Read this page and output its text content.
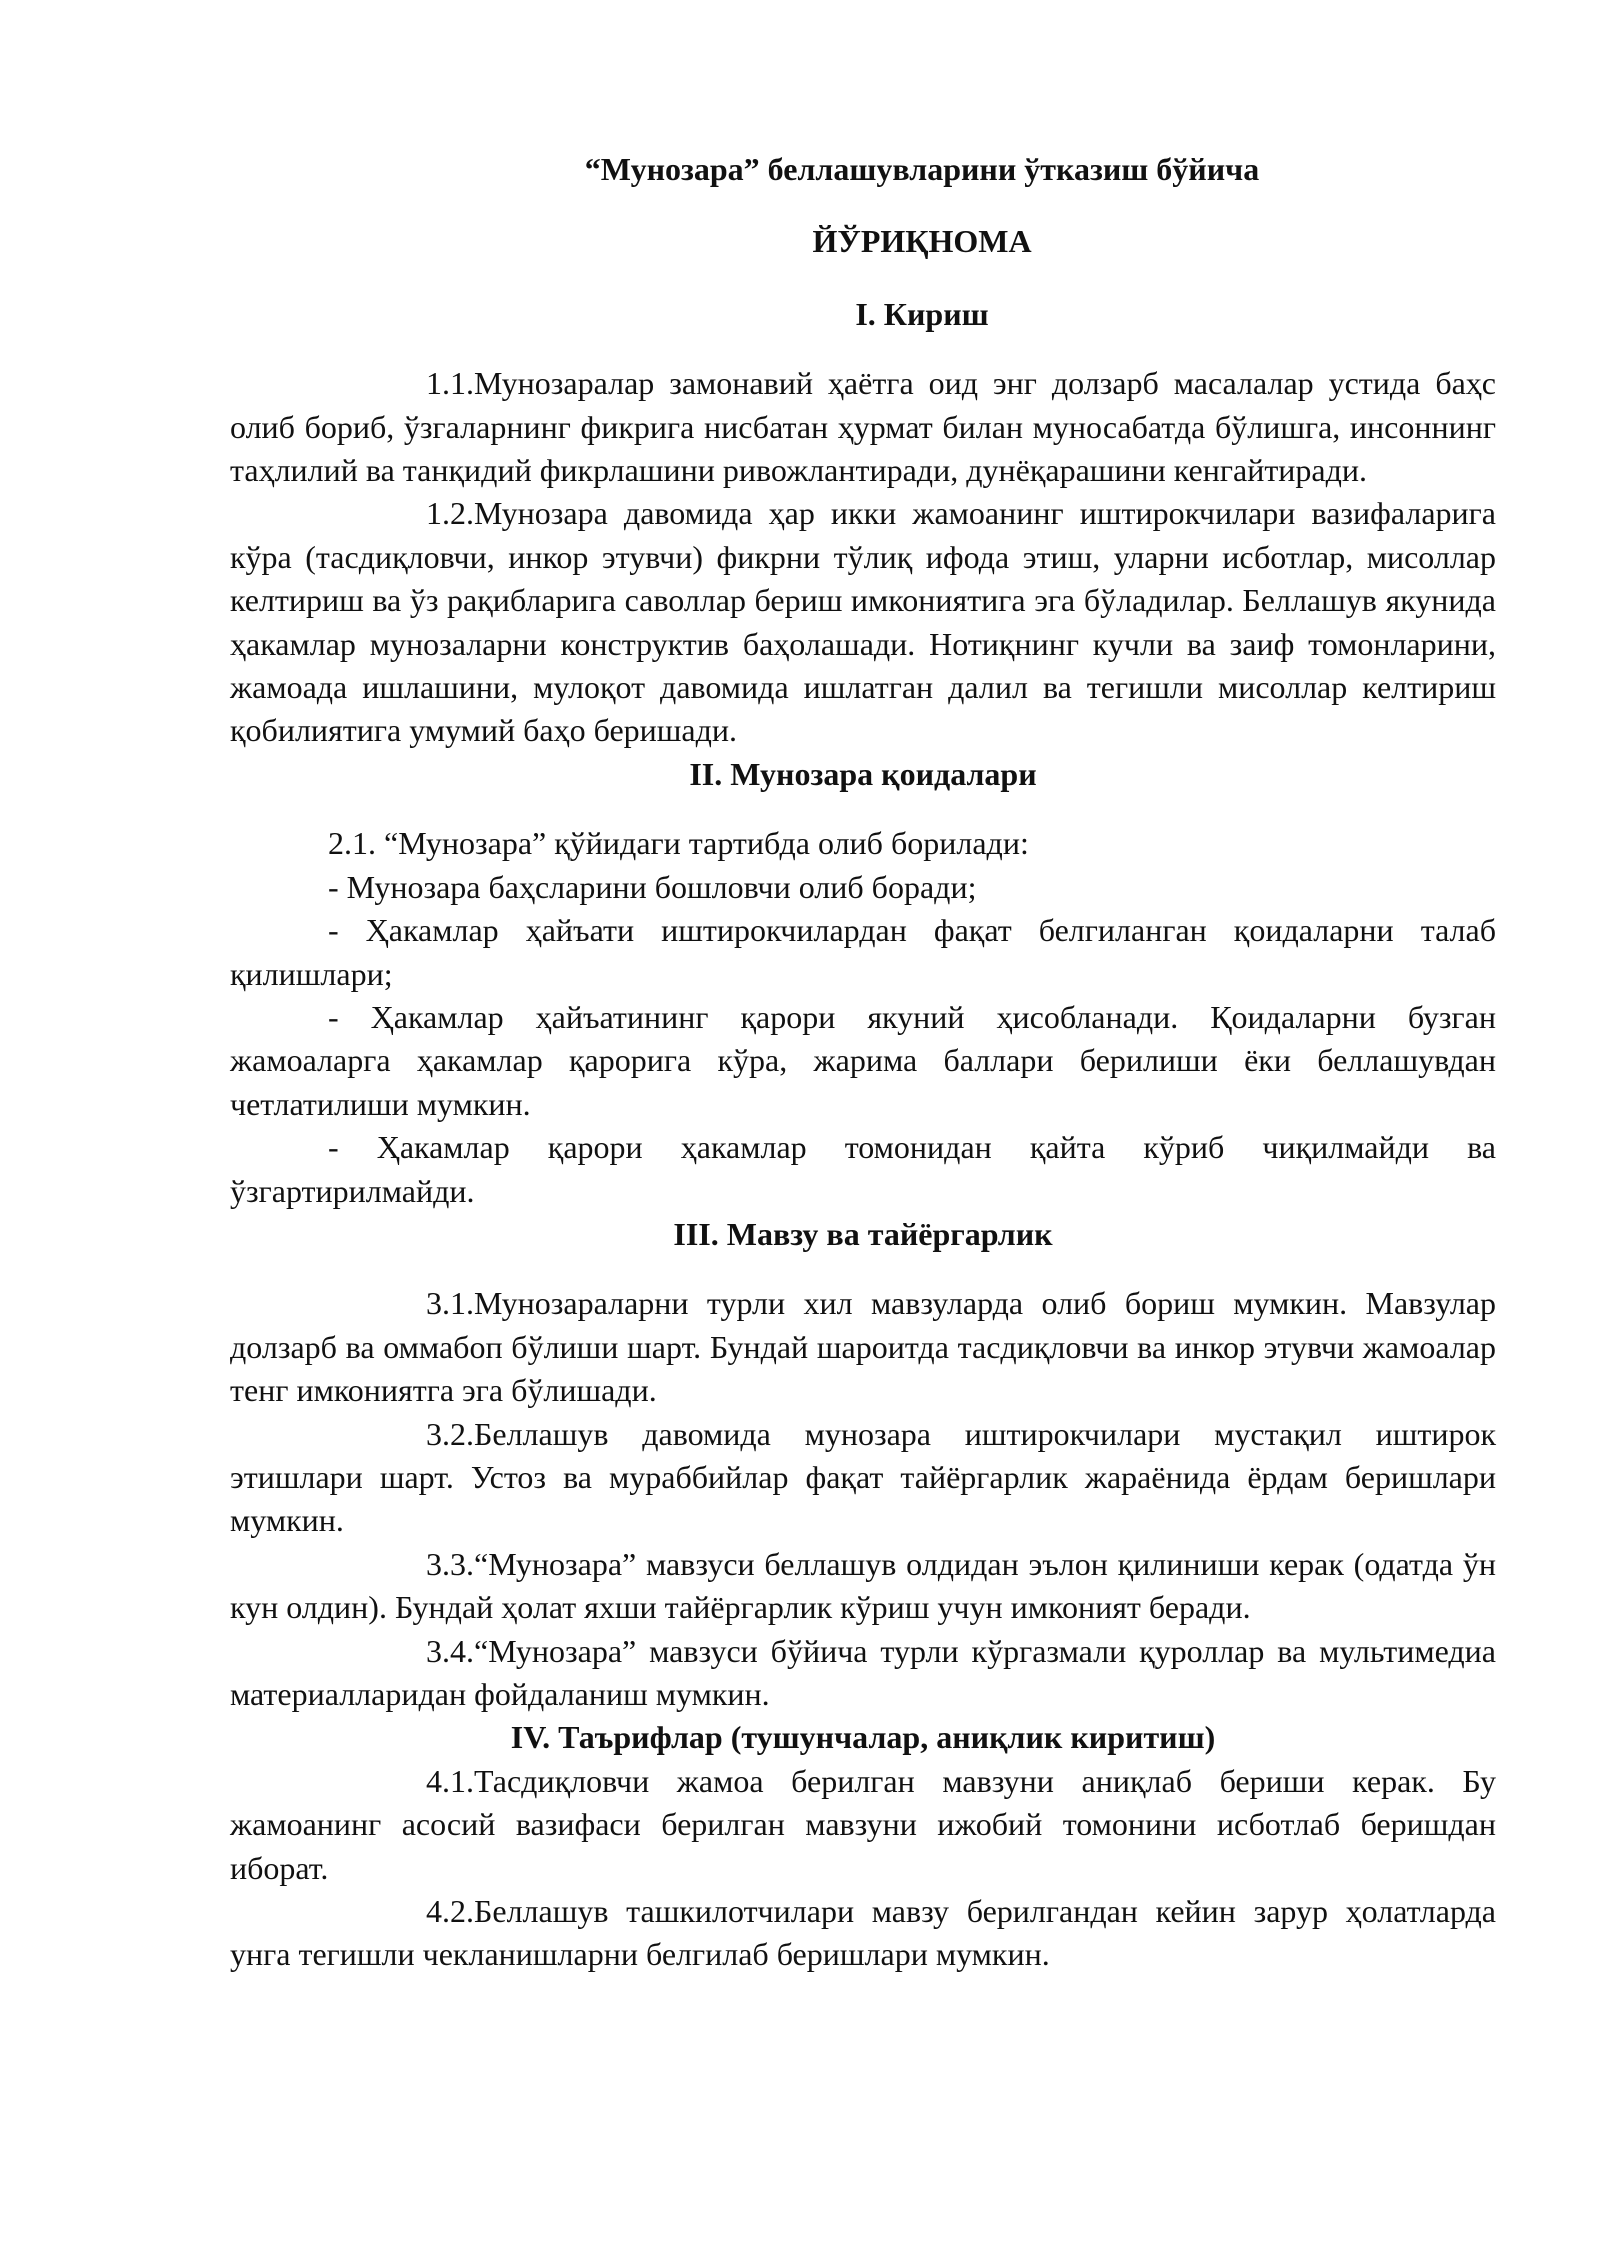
“Мунозара” беллашувларини ўтказиш бўйича

ЙЎРИҚНОМА

I. Кириш

1.1.Мунозаралар замонавий ҳаётга оид энг долзарб масалалар устида баҳс олиб бориб, ўзгаларнинг фикрига нисбатан ҳурмат билан муносабатда бўлишга, инсоннинг таҳлилий ва танқидий фикрлашини ривожлантиради, дунёқарашини кенгайтиради.

1.2.Мунозара давомида ҳар икки жамоанинг иштирокчилари вазифаларига кўра (тасдиқловчи, инкор этувчи) фикрни тўлиқ ифода этиш, уларни исботлар, мисоллар келтириш ва ўз рақибларига саволлар бериш имкониятига эга бўладилар. Беллашув якунида ҳакамлар мунозаларни конструктив баҳолашади. Нотиқнинг кучли ва заиф томонларини, жамоада ишлашини, мулоқот давомида ишлатган далил ва тегишли мисоллар келтириш қобилиятига умумий баҳо беришади.

II. Мунозара қоидалари

2.1. “Мунозара” қўйидаги тартибда олиб борилади:

- Мунозара баҳсларини бошловчи олиб боради;

- Ҳакамлар ҳайъати иштирокчилардан фақат белгиланган қоидаларни талаб қилишлари;

- Ҳакамлар ҳайъатининг қарори якуний ҳисобланади. Қоидаларни бузган жамоаларга ҳакамлар қарорига кўра, жарима баллари берилиши ёки беллашувдан четлатилиши мумкин.

- Ҳакамлар қарори ҳакамлар томонидан қайта кўриб чиқилмайди ва ўзгартирилмайди.

III. Мавзу ва тайёргарлик

3.1.Мунозараларни турли хил мавзуларда олиб бориш мумкин. Мавзулар долзарб ва оммабоп бўлиши шарт. Бундай шароитда тасдиқловчи ва инкор этувчи жамоалар тенг имкониятга эга бўлишади.

3.2.Беллашув давомида мунозара иштирокчилари мустақил иштирок этишлари шарт. Устоз ва мураббийлар фақат тайёргарлик жараёнида ёрдам беришлари мумкин.

3.3.“Мунозара” мавзуси беллашув олдидан эълон қилиниши керак (одатда ўн кун олдин). Бундай ҳолат яхши тайёргарлик кўриш учун имконият беради.

3.4.“Мунозара” мавзуси бўйича турли кўргазмали қуроллар ва мультимедиа материалларидан фойдаланиш мумкин.

IV. Таърифлар (тушунчалар, аниқлик киритиш)

4.1.Тасдиқловчи жамоа берилган мавзуни аниқлаб бериши керак. Бу жамоанинг асосий вазифаси берилган мавзуни ижобий томонини исботлаб беришдан иборат.

4.2.Беллашув ташкилотчилари мавзу берилгандан кейин зарур ҳолатларда унга тегишли чекланишларни белгилаб беришлари мумкин.
